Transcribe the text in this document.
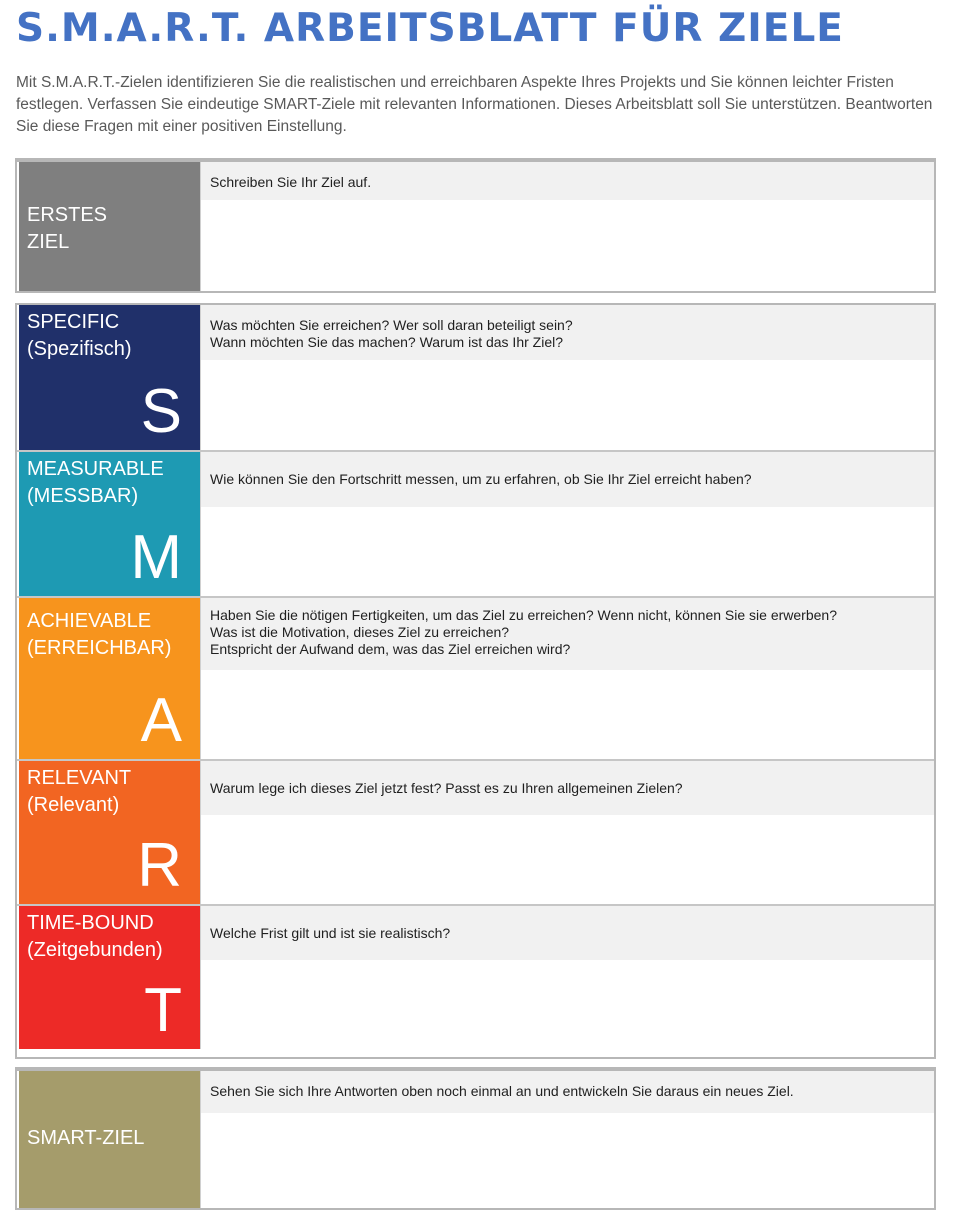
S.M.A.R.T. ARBEITSBLATT FÜR ZIELE
Mit S.M.A.R.T.-Zielen identifizieren Sie die realistischen und erreichbaren Aspekte Ihres Projekts und Sie können leichter Fristen festlegen. Verfassen Sie eindeutige SMART-Ziele mit relevanten Informationen. Dieses Arbeitsblatt soll Sie unterstützen. Beantworten Sie diese Fragen mit einer positiven Einstellung.
ERSTES
ZIEL
Schreiben Sie Ihr Ziel auf.
SPECIFIC
(Spezifisch)
S
Was möchten Sie erreichen? Wer soll daran beteiligt sein?
Wann möchten Sie das machen? Warum ist das Ihr Ziel?
MEASURABLE
(MESSBAR)
M
Wie können Sie den Fortschritt messen, um zu erfahren, ob Sie Ihr Ziel erreicht haben?
ACHIEVABLE
(ERREICHBAR)
A
Haben Sie die nötigen Fertigkeiten, um das Ziel zu erreichen? Wenn nicht, können Sie sie erwerben?
Was ist die Motivation, dieses Ziel zu erreichen?
Entspricht der Aufwand dem, was das Ziel erreichen wird?
RELEVANT
(Relevant)
R
Warum lege ich dieses Ziel jetzt fest? Passt es zu Ihren allgemeinen Zielen?
TIME-BOUND
(Zeitgebunden)
T
Welche Frist gilt und ist sie realistisch?
SMART-ZIEL
Sehen Sie sich Ihre Antworten oben noch einmal an und entwickeln Sie daraus ein neues Ziel.
